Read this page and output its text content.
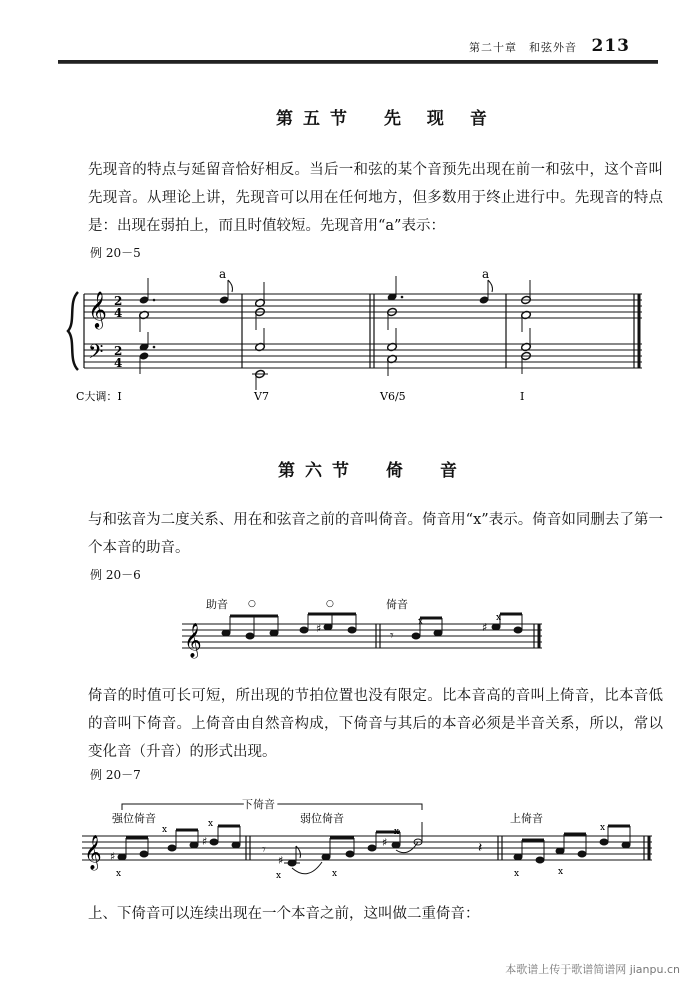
第二十章　和弦外音 213
第五节　先 现 音
先现音的特点与延留音恰好相反。当后一和弦的某个音预先出现在前一和弦中，这个音叫先现音。从理论上讲，先现音可以用在任何地方，但多数用于终止进行中。先现音的特点是：出现在弱拍上，而且时值较短。先现音用“a”表示：
例 20－5
𝄞
𝄢
2
4
2
4
a	a
C大调：I	V7	V6/5	I
第六节　倚　音
与和弦音为二度关系、用在和弦音之前的音叫倚音。倚音用“x”表示。倚音如同删去了第一个本音的助音。
例 20－6
助音	倚音
𝄞
○	○
♯	𝄾
x	x
♯
倚音的时值可长可短，所出现的节拍位置也没有限定。比本音高的音叫上倚音，比本音低的音叫下倚音。上倚音由自然音构成，下倚音与其后的本音必须是半音关系，所以，常以变化音（升音）的形式出现。
例 20－7
下倚音
强位倚音	弱位倚音	上倚音
𝄞 ♯
♯
x
x
x
𝄾	𝄽
♯
♯
x	x
x
x	x
x
上、下倚音可以连续出现在一个本音之前，这叫做二重倚音：
本歌谱上传于歌谱简谱网 jianpu.cn
